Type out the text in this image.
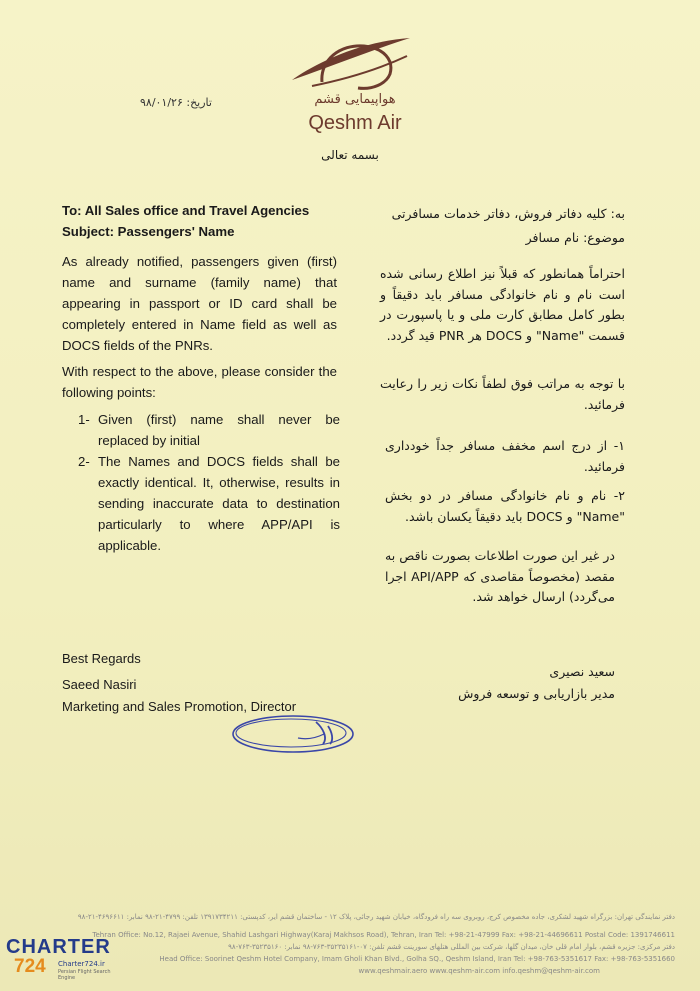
هواپیمایی قشم
Qeshm Air
تاریخ: ۹۸/۰۱/۲۶
بسمه تعالی
To: All Sales office and Travel Agencies
Subject: Passengers' Name
As already notified, passengers given (first) name and surname (family name) that appearing in passport or ID card shall be completely entered in Name field as well as DOCS fields of the PNRs.
With respect to the above, please consider the following points:
1- Given (first) name shall never be replaced by initial
2- The Names and DOCS fields shall be exactly identical. It, otherwise, results in sending inaccurate data to destination particularly to where APP/API is applicable.
به: کلیه دفاتر فروش، دفاتر خدمات مسافرتی
موضوع: نام مسافر
احتراماً همانطور که قبلاً نیز اطلاع رسانی شده است نام و نام خانوادگی مسافر باید دقیقاً و بطور کامل مطابق کارت ملی و یا پاسپورت در قسمت "Name" و DOCS هر PNR قید گردد.
با توجه به مراتب فوق لطفاً نکات زیر را رعایت فرمائید.
۱- از درج اسم مخفف مسافر جداً خودداری فرمائید.
۲- نام و نام خانوادگی مسافر در دو بخش "Name" و DOCS باید دقیقاً یکسان باشد.
در غیر این صورت اطلاعات بصورت ناقص به مقصد (مخصوصاً مقاصدی که API/APP اجرا می‌گردد) ارسال خواهد شد.
Best Regards
Saeed Nasiri
Marketing and Sales Promotion, Director
سعید نصیری
مدیر بازاریابی و توسعه فروش
دفتر نمایندگی تهران: بزرگراه شهید لشکری، جاده مخصوص کرج، روبروی سه راه فرودگاه، خیابان شهید رجائی، پلاک ۱۲ - ساختمان قشم ایر، کدپستی: ۱۳۹۱۷۳۴۲۱۱ تلفن: ۴۷۹۹-۲۱-۹۸ نمابر: ۴۶۹۶۶۱۱-۲۱-۹۸
Tehran Office: No.12, Rajaei Avenue, Shahid Lashgari Highway(Karaj Makhsos Road), Tehran, Iran Tel: +98-21-47999 Fax: +98-21-44696611 Postal Code: 1391746611
دفتر مرکزی: جزیره قشم، بلوار امام قلی خان، میدان گلها، شرکت بین المللی هتلهای سورینت قشم تلفن: ۰۷-۳۵۲۳۵۱۶۱-۷۶۳-۹۸ نمابر: ۳۵۲۳۵۱۶۰-۷۶۳-۹۸
Head Office: Soorinet Qeshm Hotel Company, Imam Gholi Khan Blvd., Golha SQ., Qeshm Island, Iran Tel: +98-763-5351617 Fax: +98-763-5351660
www.qeshmair.aero www.qeshm-air.com info.qeshm@qeshm-air.com
CHARTER
724 Charter724.ir
Persian Flight Search Engine
